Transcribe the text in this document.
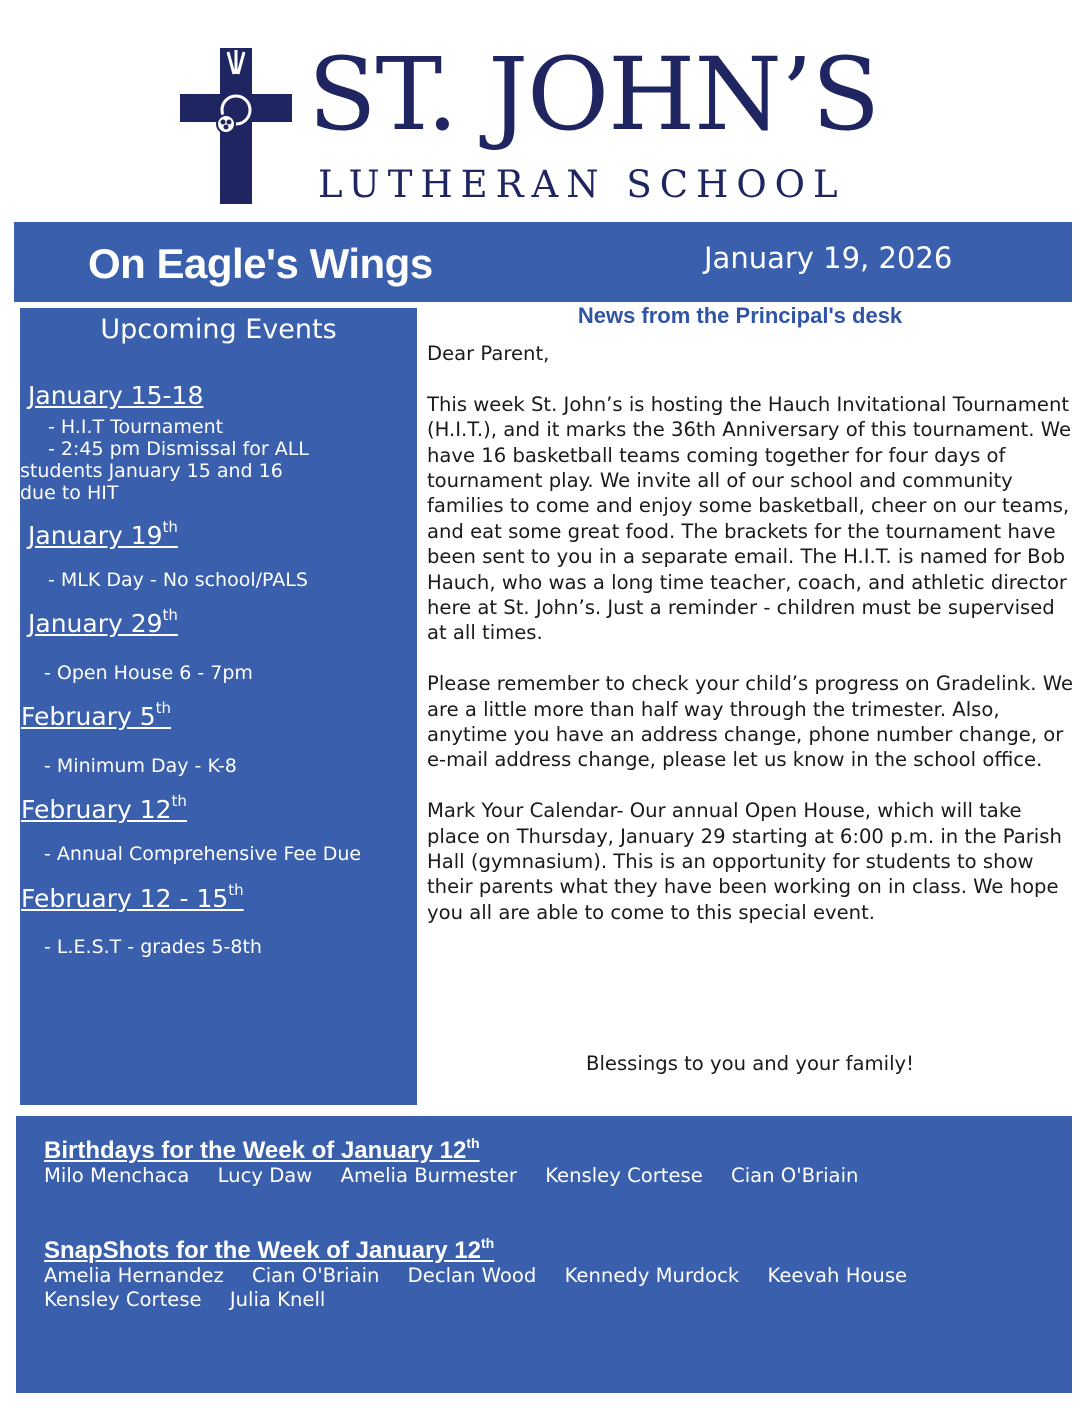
ST. JOHN’S
LUTHERAN SCHOOL
On Eagle's Wings	January 19, 2026
Upcoming Events
January 15-18
- H.I.T Tournament
- 2:45 pm Dismissal for ALL
students January 15 and 16
due to HIT
January 19th
- MLK Day - No school/PALS
January 29th
- Open House 6 - 7pm
February 5th
- Minimum Day - K-8
February 12th
- Annual Comprehensive Fee Due
February 12 - 15th
- L.E.S.T - grades 5-8th
News from the Principal's desk

Dear Parent,

This week St. John’s is hosting the Hauch Invitational Tournament (H.I.T.), and it marks the 36th Anniversary of this tournament. We have 16 basketball teams coming together for four days of tournament play. We invite all of our school and community families to come and enjoy some basketball, cheer on our teams, and eat some great food. The brackets for the tournament have been sent to you in a separate email. The H.I.T. is named for Bob Hauch, who was a long time teacher, coach, and athletic director here at St. John’s. Just a reminder - children must be supervised at all times.

Please remember to check your child’s progress on Gradelink. We are a little more than half way through the trimester. Also, anytime you have an address change, phone number change, or e-mail address change, please let us know in the school office.

Mark Your Calendar- Our annual Open House, which will take place on Thursday, January 29 starting at 6:00 p.m. in the Parish Hall (gymnasium). This is an opportunity for students to show their parents what they have been working on in class. We hope you all are able to come to this special event.

Blessings to you and your family!
Birthdays for the Week of January 12th
Milo Menchaca Lucy Daw Amelia Burmester Kensley Cortese Cian O'Briain
SnapShots for the Week of January 12th
Amelia Hernandez Cian O'Briain Declan Wood Kennedy Murdock Keevah House Kensley Cortese Julia Knell
